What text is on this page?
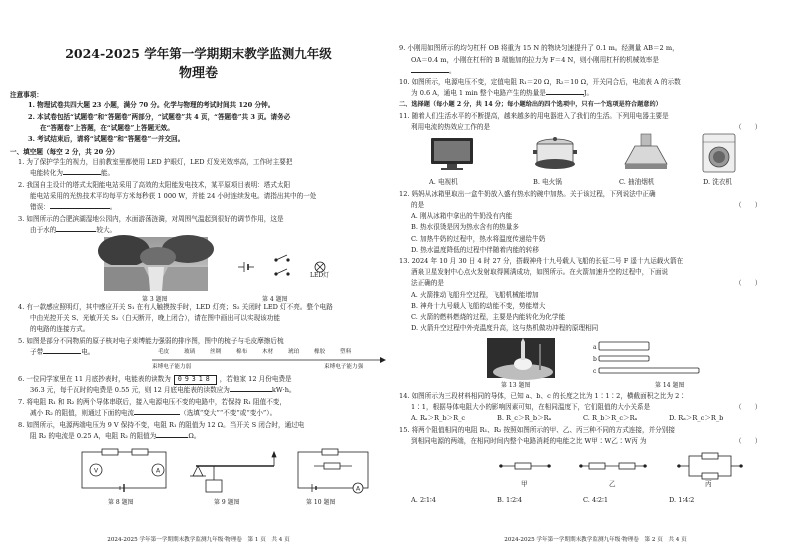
2024-2025 学年第一学期期末教学监测九年级
物理卷
注意事项：
1. 物理试卷共四大题 23 小题，满分 70 分。化学与物理的考试时间共 120 分钟。
2. 本试卷包括“试题卷”和“答题卷”两部分，“试题卷”共 4 页，“答题卷”共 3 页。请务必
在“答题卷”上答题，在“试题卷”上答题无效。
3. 考试结束后，请将“试题卷”和“答题卷”一并交回。
一、填空题（每空 2 分，共 20 分）
1. 为了保护学生的视力，目前教室里都使用 LED 护眼灯，LED 灯发光效率高，工作时主要把
电能转化为	能。
2. 我国自主设计的塔式太阳能电站采用了高效的太阳能发电技术，某平原项目表明：塔式太阳
能电站采用的光热技术平均每平方米每秒获 1 000 W，并能 24 小时连续发电。请指出其中的一处
错误：	。
3. 如图所示的合肥滨湖湿地公园内，水面游荡涟漪，对周围气温起到很好的调节作用，这是
由于水的	较大。
第 3 题图
LED灯
第 4 题图
4. 有一款感应照明灯，其中感应开关 S₁ 在有人触摸按手时，LED 灯亮；S₂ 关闭时 LED 灯不亮。整个电路
中由光控开关 S、光敏开关 S₂（白天断开，晚上闭合），请在图中画出可以实现该功能
的电路的连接方式。
5. 如图是部分不同物质的原子核对电子束缚能力强弱的排序图，图中的梳子与毛皮摩擦后梳
子带	电。	毛皮	玻璃	丝绸	棉布	木材	琥珀	橡胶	塑料
束缚电子能力弱	束缚电子能力强
6. 一位同学家里在 11 月底抄表时，电能表的读数为 09318 ，若他家 12 月份电费是
36.3 元，每千瓦时的电费是 0.55 元，则 12 月底电能表的读数应为	kW·h。
7. 将电阻 R₁ 和 R₂ 的两个导体串联后，接入电源电压不变的电路中，若保持 R₁ 阻值不变，
减小 R₂ 的阻值，则通过下面的电流	（选填“变大”“不变”或“变小”）。
8. 如图所示，电源两端电压为 9 V 保持不变，电阻 R₁ 的阻值为 12 Ω。当开关 S 闭合时，通过电
阻 R₂ 的电流是 0.25 A，电阻 R₂ 的阻值为	Ω。
V	A
第 8 题图	第 9 题图
A
第 10 题图
2024-2025 学年第一学期期末教学监测九年级·物理卷　第 1 页　共 4 页
9. 小刚用如图所示的均匀杠杆 OB 将重为 15 N 的物块匀速提升了 0.1 m。经测量 AB＝2 m，
OA＝0.4 m，小刚在杠杆的 B 端施加的拉力为 F＝4 N，则小刚用杠杆的机械效率是
。
10. 如图所示，电源电压不变，定值电阻 R₁＝20 Ω，R₂＝10 Ω，开关同合后，电流表 A 的示数
为 0.6 A，通电 1 min 整个电路产生的热量是	J。
二、选择题（每小题 2 分，共 14 分；每小题给出的四个选项中，只有一个选项是符合题意的）
11. 随着人们生活水平的不断提高，越来越多的用电器进入了我们的生活。下列用电器主要是
利用电流的热效应工作的是	（　　）
A. 电视机	B. 电火锅	C. 抽油烟机	D. 洗衣机
12. 妈妈从冰箱里取出一盒牛奶放入盛有热水的碗中加热。关于该过程，下列说法中正确
的是	（　　）
A. 刚从冰箱中拿出的牛奶没有内能
B. 热水很烫是因为热水含有的热量多
C. 加热牛奶的过程中，热水将温度传递给牛奶
D. 热水温度降低的过程中伴随着内能的转移
13. 2024 年 10 月 30 日 4 时 27 分，搭载神舟十九号载人飞船的长征二号 F 遥十九运载火箭在
酒泉卫星发射中心点火发射取得圆满成功，如图所示。在火箭加速升空的过程中，下面说
法正确的是	（　　）
A. 火箭推动飞船升空过程，飞船机械能增加
B. 神舟十九号载人飞船的动能不变，势能增大
C. 火箭的燃料燃烧的过程，主要是内能转化为化学能
D. 火箭升空过程中外壳温度升高，这与热机做功冲程的原理相同
第 13 题图
a
b
c
第 14 题图
14. 如图所示为三段材料相同的导体，已知 a、b、c 的长度之比为 1∶1∶2，横截面积之比为 2∶
1∶1，根据导体电阻大小的影响因素可知，在相同温度下，它们阻值的大小关系是	（　　）
A. Rₐ＞R_b＞R_c	B. R_c＞R_b＞Rₐ	C. R_b＞R_c＞Rₐ	D. Rₐ＞R_c＞R_b
15. 将两个阻值相同的电阻 R₁、R₂ 按照如图所示的甲、乙、丙三种不同的方式连接，并分别接
到相同电源的两端，在相同时间内整个电路消耗的电能之比 W甲∶W乙∶W丙 为	（　　）
甲	乙	丙
A. 2∶1∶4	B. 1∶2∶4	C. 4∶2∶1	D. 1∶4∶2
2024-2025 学年第一学期期末教学监测九年级·物理卷　第 2 页　共 4 页
